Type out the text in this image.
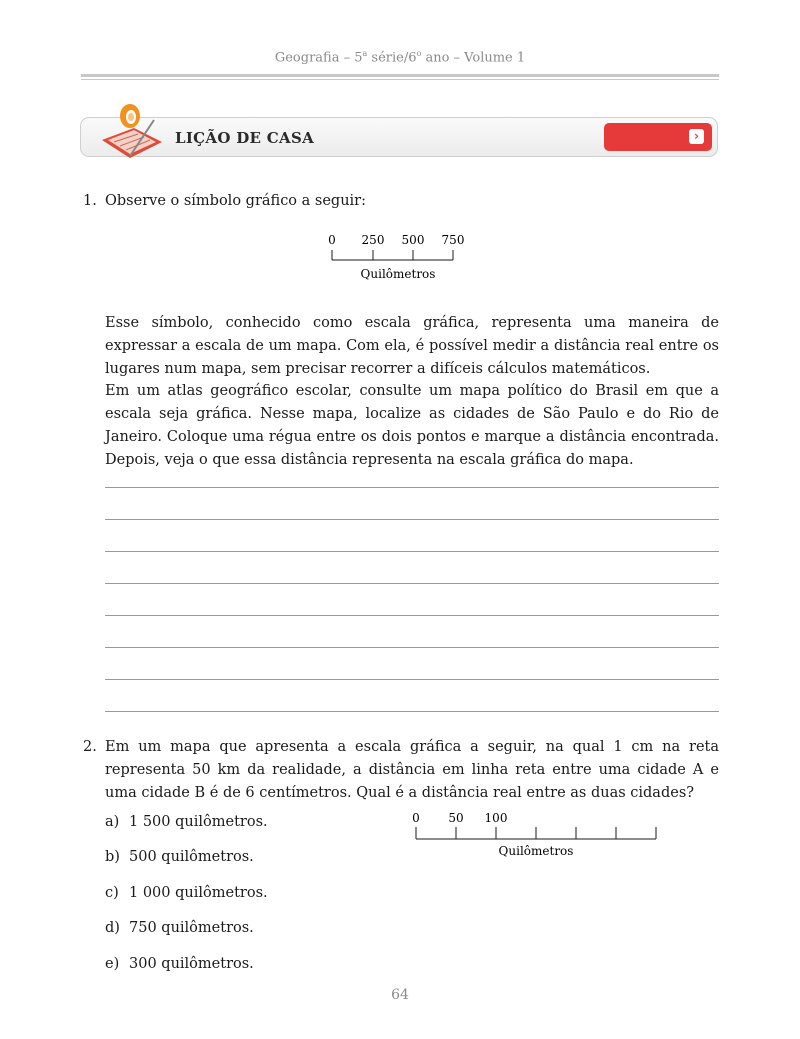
Geografia – 5$^a$ série/6$^o$ ano – Volume 1
LIÇÃO DE CASA	›
1. Observe o símbolo gráfico a seguir:
0 250 500 750
Quilômetros
Esse símbolo, conhecido como escala gráfica, representa uma maneira de expressar a escala de um mapa. Com ela, é possível medir a distância real entre os lugares num mapa, sem precisar recorrer a difíceis cálculos matemáticos.
Em um atlas geográfico escolar, consulte um mapa político do Brasil em que a escala seja gráfica. Nesse mapa, localize as cidades de São Paulo e do Rio de Janeiro. Coloque uma régua entre os dois pontos e marque a distância encontrada. Depois, veja o que essa distância representa na escala gráfica do mapa.
2. Em um mapa que apresenta a escala gráfica a seguir, na qual 1 cm na reta representa 50 km da realidade, a distância em linha reta entre uma cidade A e uma cidade B é de 6 centímetros. Qual é a distância real entre as duas cidades?
0 50 100
Quilômetros
a) 1 500 quilômetros.
b) 500 quilômetros.
c) 1 000 quilômetros.
d) 750 quilômetros.
e) 300 quilômetros.
64
